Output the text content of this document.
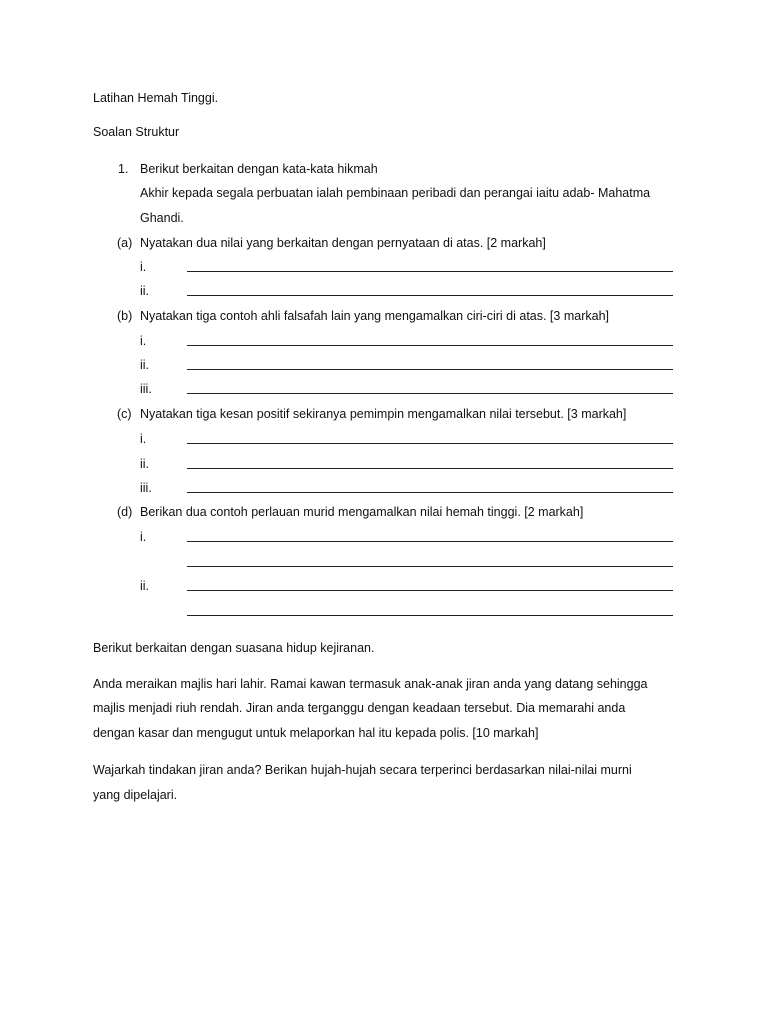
Latihan Hemah Tinggi.
Soalan Struktur
1. Berikut berkaitan dengan kata-kata hikmah
Akhir kepada segala perbuatan ialah pembinaan peribadi dan perangai iaitu adab- Mahatma
Ghandi.
(a) Nyatakan dua nilai yang berkaitan dengan pernyataan di atas. [2 markah]
i.
ii.
(b) Nyatakan tiga contoh ahli falsafah lain yang mengamalkan ciri-ciri di atas. [3 markah]
i.
ii.
iii.
(c) Nyatakan tiga kesan positif sekiranya pemimpin mengamalkan nilai tersebut. [3 markah]
i.
ii.
iii.
(d) Berikan dua contoh perlauan murid mengamalkan nilai hemah tinggi. [2 markah]
i.
ii.
Berikut berkaitan dengan suasana hidup kejiranan.
Anda meraikan majlis hari lahir. Ramai kawan termasuk anak-anak jiran anda yang datang sehingga
majlis menjadi riuh rendah. Jiran anda terganggu dengan keadaan tersebut. Dia memarahi anda
dengan kasar dan mengugut untuk melaporkan hal itu kepada polis. [10 markah]
Wajarkah tindakan jiran anda? Berikan hujah-hujah secara terperinci berdasarkan nilai-nilai murni
yang dipelajari.
